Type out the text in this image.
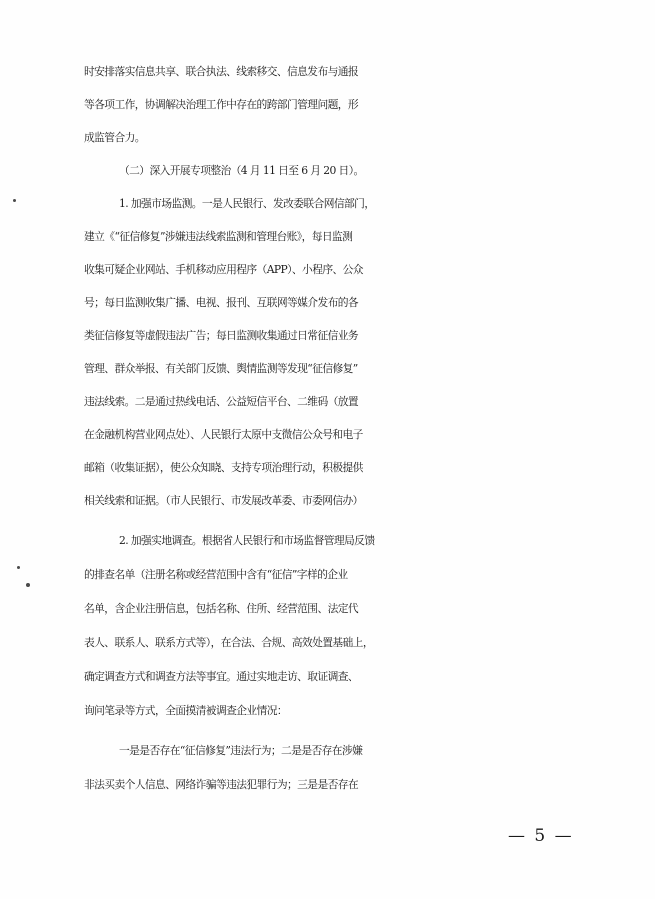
时安排落实信息共享、联合执法、线索移交、信息发布与通报
等各项工作，协调解决治理工作中存在的跨部门管理问题，形
成监管合力。
（二）深入开展专项整治（4 月 11 日至 6 月 20 日）。
1. 加强市场监测。一是人民银行、发改委联合网信部门，
建立《“征信修复”涉嫌违法线索监测和管理台账》，每日监测
收集可疑企业网站、手机移动应用程序（APP）、小程序、公众
号；每日监测收集广播、电视、报刊、互联网等媒介发布的各
类征信修复等虚假违法广告；每日监测收集通过日常征信业务
管理、群众举报、有关部门反馈、舆情监测等发现“征信修复”
违法线索。二是通过热线电话、公益短信平台、二维码（放置
在金融机构营业网点处）、人民银行太原中支微信公众号和电子
邮箱（收集证据），使公众知晓、支持专项治理行动，积极提供
相关线索和证据。（市人民银行、市发展改革委、市委网信办）
2. 加强实地调查。根据省人民银行和市场监督管理局反馈
的排查名单（注册名称或经营范围中含有“征信”字样的企业
名单，含企业注册信息，包括名称、住所、经营范围、法定代
表人、联系人、联系方式等），在合法、合规、高效处置基础上，
确定调查方式和调查方法等事宜。通过实地走访、取证调查、
询问笔录等方式，全面摸清被调查企业情况：
一是是否存在“征信修复”违法行为；二是是否存在涉嫌
非法买卖个人信息、网络诈骗等违法犯罪行为；三是是否存在
— 5 —
